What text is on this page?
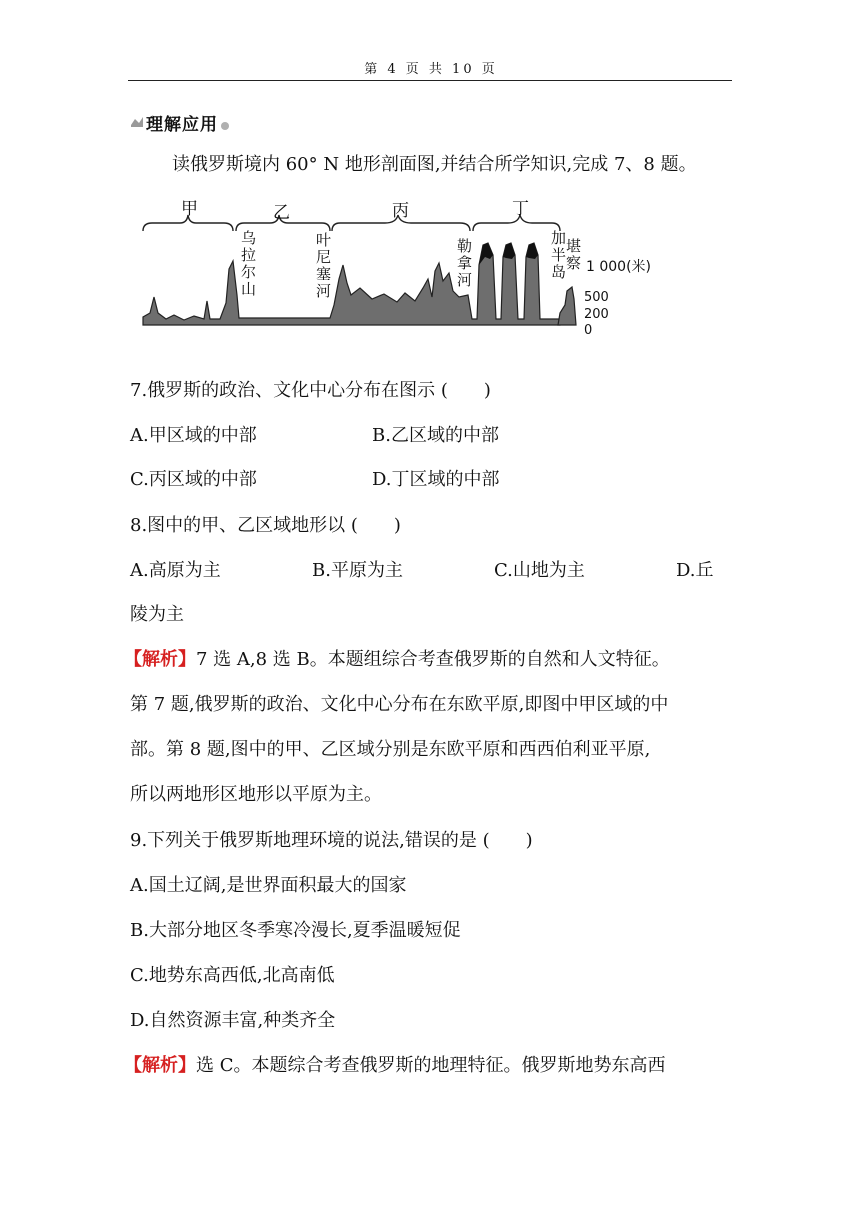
第 4 页 共 10 页
理解应用
读俄罗斯境内 60° N 地形剖面图,并结合所学知识,完成 7、8 题。
甲	乙	丙	丁
乌
拉
尔
山
叶
尼
塞
河
勒
拿
河
加
半
岛
堪
察 1 000(米)
500
200
0
7.俄罗斯的政治、文化中心分布在图示 (　　)
A.甲区域的中部	B.乙区域的中部
C.丙区域的中部	D.丁区域的中部
8.图中的甲、乙区域地形以 (　　)
A.高原为主	B.平原为主	C.山地为主	D.丘
陵为主
【解析】7 选 A,8 选 B。本题组综合考查俄罗斯的自然和人文特征。
第 7 题,俄罗斯的政治、文化中心分布在东欧平原,即图中甲区域的中
部。第 8 题,图中的甲、乙区域分别是东欧平原和西西伯利亚平原,
所以两地形区地形以平原为主。
9.下列关于俄罗斯地理环境的说法,错误的是 (　　)
A.国土辽阔,是世界面积最大的国家
B.大部分地区冬季寒冷漫长,夏季温暖短促
C.地势东高西低,北高南低
D.自然资源丰富,种类齐全
【解析】选 C。本题综合考查俄罗斯的地理特征。俄罗斯地势东高西
